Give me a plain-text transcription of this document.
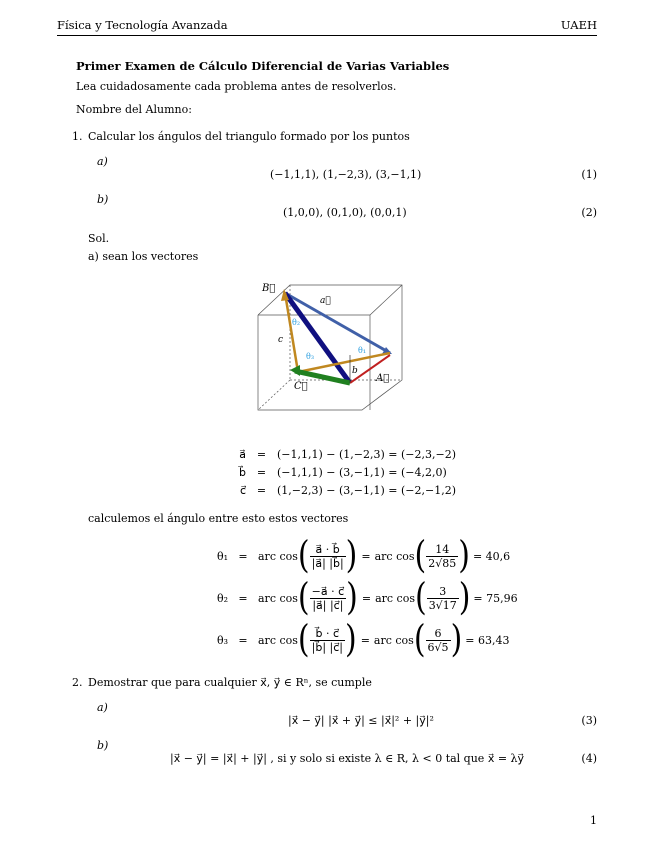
Física y Tecnología Avanzada	UAEH
Primer Examen de Cálculo Diferencial de Varias Variables
Lea cuidadosamente cada problema antes de resolverlos.
Nombre del Alumno:
1. Calcular los ángulos del triangulo formado por los puntos
a)
(−1,1,1), (1,−2,3), (3,−1,1)	(1)
b)
(1,0,0), (0,1,0), (0,0,1)	(2)
Sol.
a) sean los vectores
B⃗
a⃗
c
b
A⃗
C⃗
θ₂
θ₃
θ₁
a⃗ = (−1,1,1) − (1,−2,3) = (−2,3,−2)
b⃗ = (−1,1,1) − (3,−1,1) = (−4,2,0)
c⃗ = (1,−2,3) − (3,−1,1) = (−2,−1,2)
calculemos el ángulo entre esto estos vectores
θ₁ = arc cos ( $\frac{a⃗ \cdot b⃗}{|a⃗| |b⃗|}$ ) = arc cos ( $\frac{14}{2√85}$ ) = 40,6
θ₂ = arc cos ( $\frac{-a⃗ \cdot c⃗}{|a⃗| |c⃗|}$ ) = arc cos ( $\frac{3}{3√17}$ ) = 75,96
θ₃ = arc cos ( $\frac{b⃗ \cdot c⃗}{|b⃗| |c⃗|}$ ) = arc cos ( $\frac{6}{6√5}$ ) = 63,43
2. Demostrar que para cualquier x⃗, y⃗ ∈ Rⁿ, se cumple
a)
|x⃗ − y⃗| |x⃗ + y⃗| ≤ |x⃗|² + |y⃗|²	(3)
b)
|x⃗ − y⃗| = |x⃗| + |y⃗| , si y solo si existe λ ∈ R, λ < 0 tal que x⃗ = λy⃗	(4)
1
